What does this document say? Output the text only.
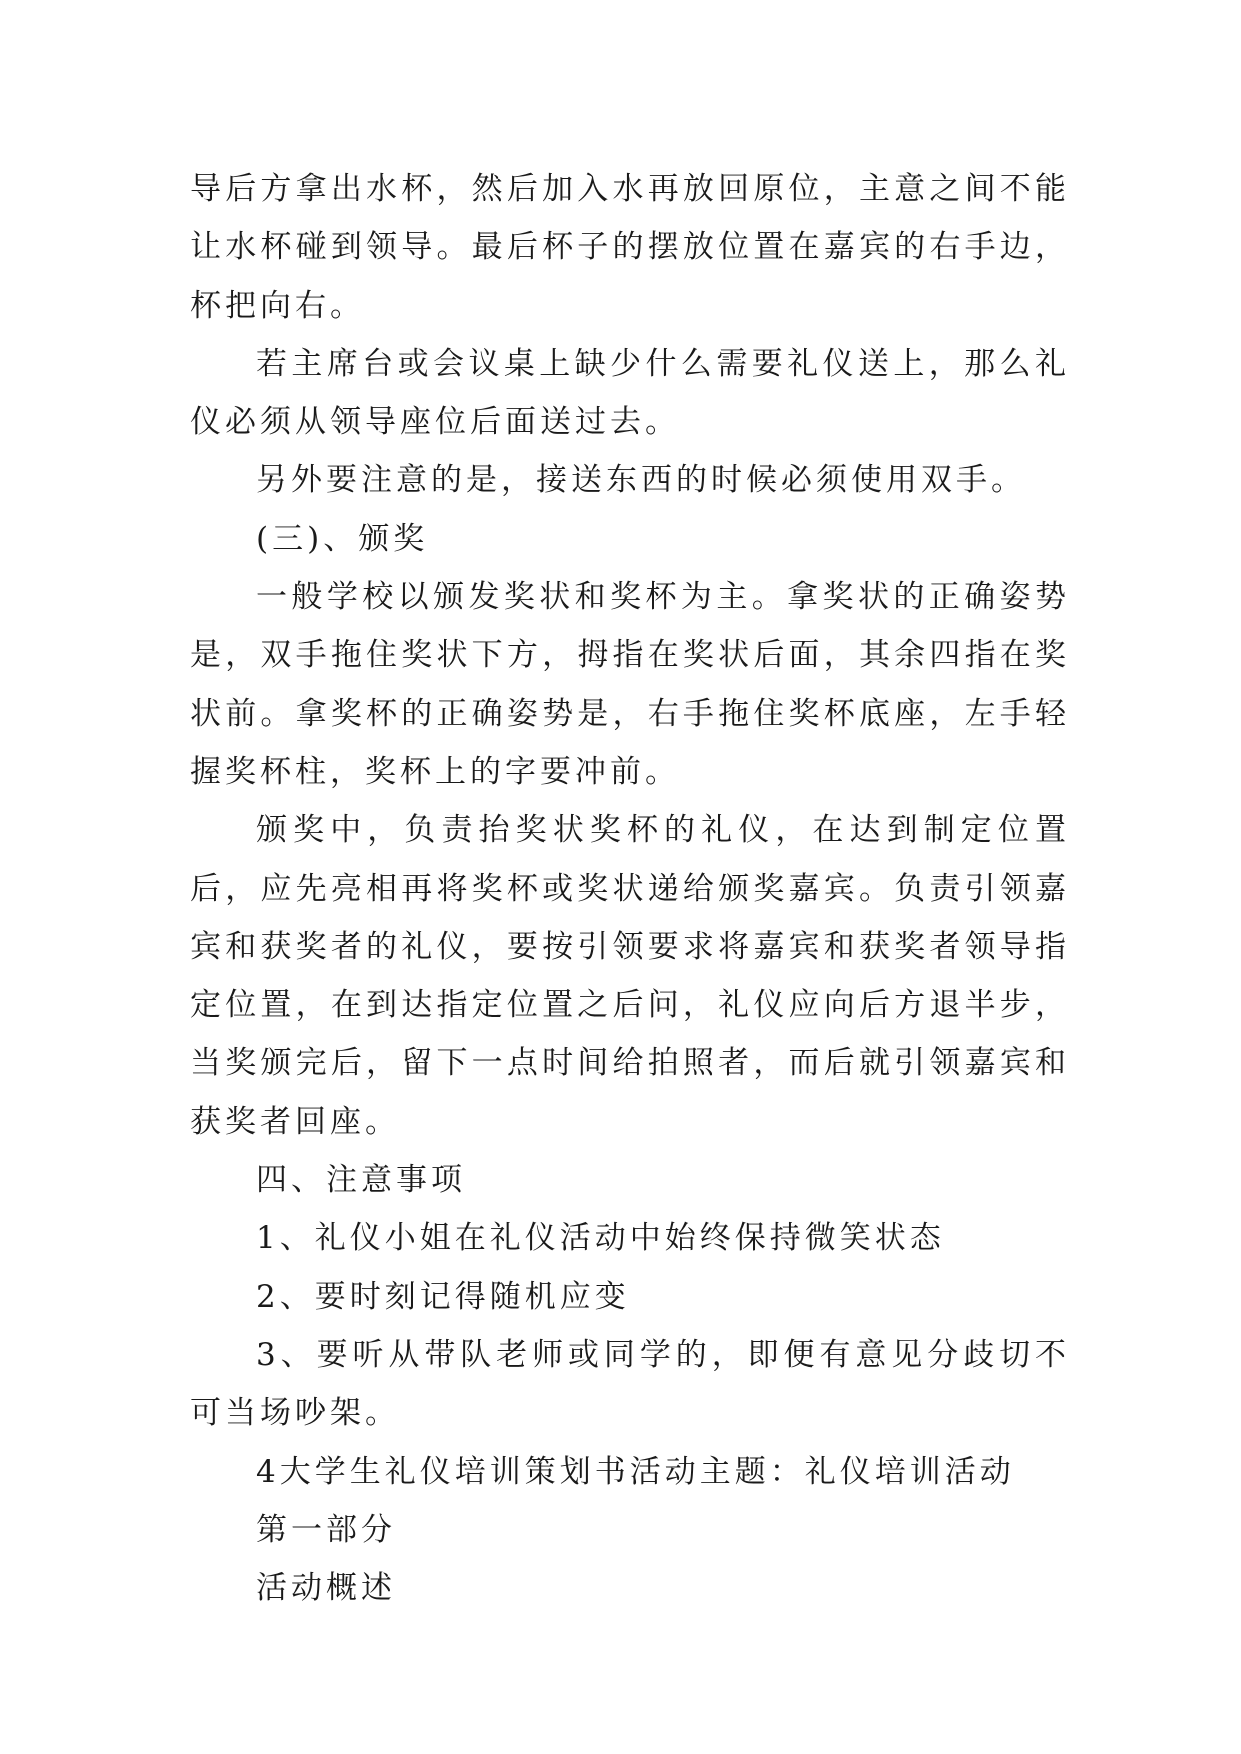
导后方拿出水杯，然后加入水再放回原位，主意之间不能让水杯碰到领导。最后杯子的摆放位置在嘉宾的右手边，杯把向右。

若主席台或会议桌上缺少什么需要礼仪送上，那么礼仪必须从领导座位后面送过去。

另外要注意的是，接送东西的时候必须使用双手。

(三)、颁奖

一般学校以颁发奖状和奖杯为主。拿奖状的正确姿势是，双手拖住奖状下方，拇指在奖状后面，其余四指在奖状前。拿奖杯的正确姿势是，右手拖住奖杯底座，左手轻握奖杯柱，奖杯上的字要冲前。

颁奖中，负责抬奖状奖杯的礼仪，在达到制定位置后，应先亮相再将奖杯或奖状递给颁奖嘉宾。负责引领嘉宾和获奖者的礼仪，要按引领要求将嘉宾和获奖者领导指定位置，在到达指定位置之后问，礼仪应向后方退半步，当奖颁完后，留下一点时间给拍照者，而后就引领嘉宾和获奖者回座。

四、注意事项

1、礼仪小姐在礼仪活动中始终保持微笑状态

2、要时刻记得随机应变

3、要听从带队老师或同学的，即便有意见分歧切不可当场吵架。

4大学生礼仪培训策划书活动主题：礼仪培训活动

第一部分

活动概述
